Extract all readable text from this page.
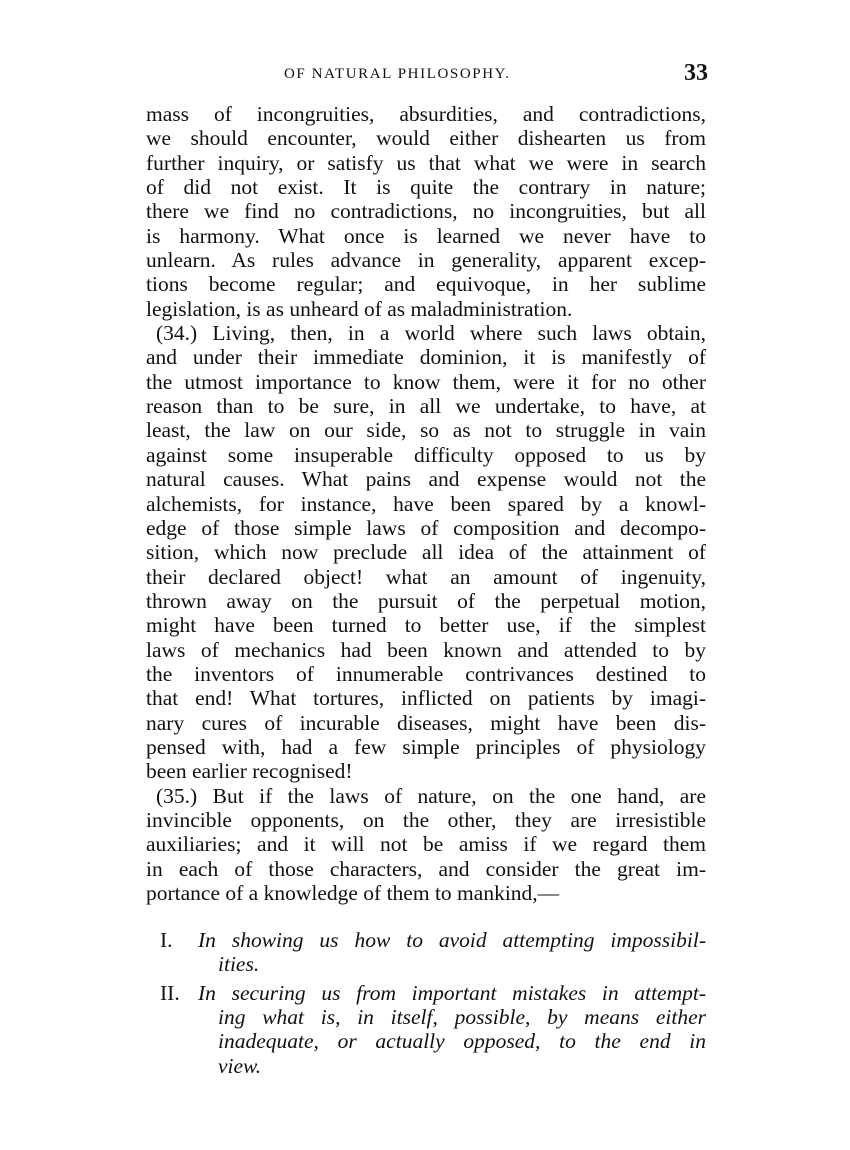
OF NATURAL PHILOSOPHY.	33
mass of incongruities, absurdities, and contradictions,
we should encounter, would either dishearten us from
further inquiry, or satisfy us that what we were in search
of did not exist. It is quite the contrary in nature;
there we find no contradictions, no incongruities, but all
is harmony. What once is learned we never have to
unlearn. As rules advance in generality, apparent excep-
tions become regular; and equivoque, in her sublime
legislation, is as unheard of as maladministration.
(34.) Living, then, in a world where such laws obtain,
and under their immediate dominion, it is manifestly of
the utmost importance to know them, were it for no other
reason than to be sure, in all we undertake, to have, at
least, the law on our side, so as not to struggle in vain
against some insuperable difficulty opposed to us by
natural causes. What pains and expense would not the
alchemists, for instance, have been spared by a knowl-
edge of those simple laws of composition and decompo-
sition, which now preclude all idea of the attainment of
their declared object! what an amount of ingenuity,
thrown away on the pursuit of the perpetual motion,
might have been turned to better use, if the simplest
laws of mechanics had been known and attended to by
the inventors of innumerable contrivances destined to
that end! What tortures, inflicted on patients by imagi-
nary cures of incurable diseases, might have been dis-
pensed with, had a few simple principles of physiology
been earlier recognised!
(35.) But if the laws of nature, on the one hand, are
invincible opponents, on the other, they are irresistible
auxiliaries; and it will not be amiss if we regard them
in each of those characters, and consider the great im-
portance of a knowledge of them to mankind,—
I. In showing us how to avoid attempting impossibil-
ities.
II. In securing us from important mistakes in attempt-
ing what is, in itself, possible, by means either
inadequate, or actually opposed, to the end in
view.
